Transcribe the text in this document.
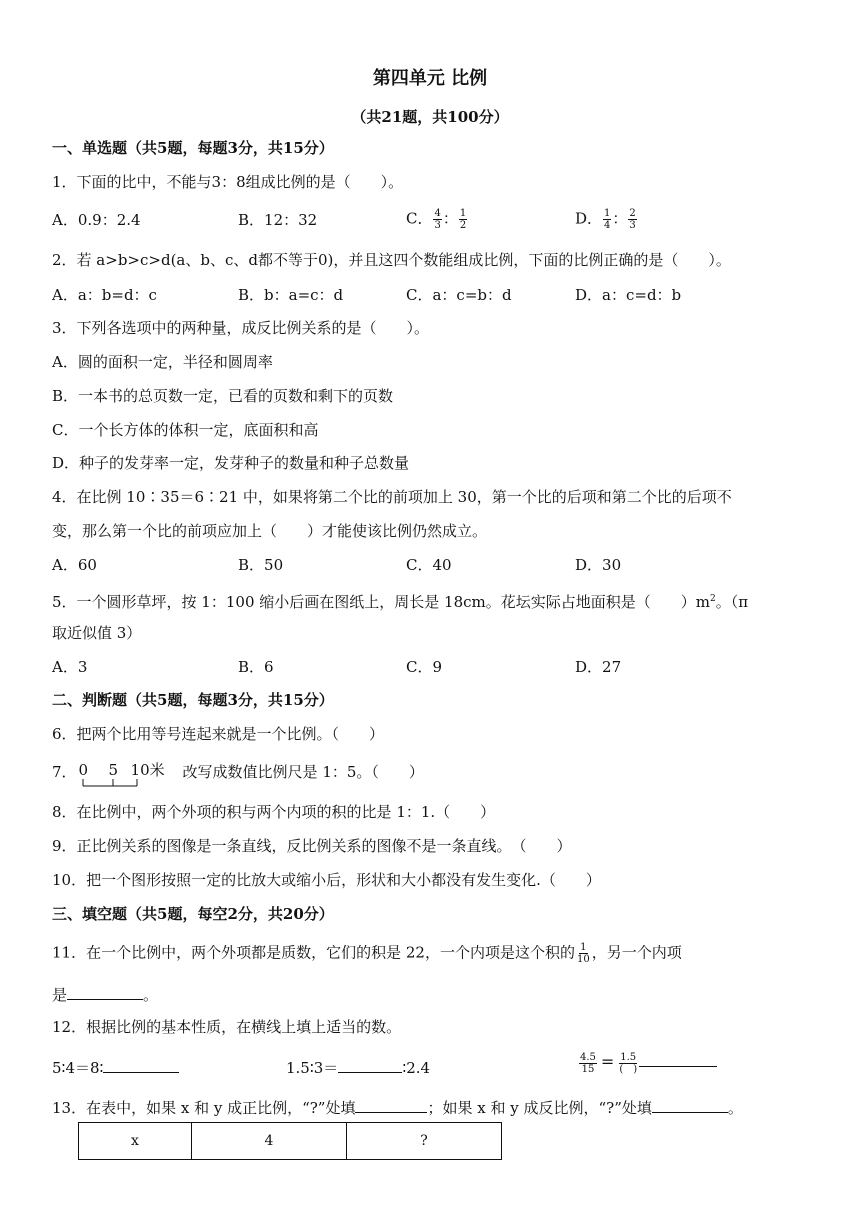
第四单元 比例
（共21题，共100分）
一、单选题（共5题，每题3分，共15分）
1．下面的比中，不能与3：8组成比例的是（　　）。
A．0.9：2.4	B．12：32	C． $\frac{4}{3}$ ： $\frac{1}{2}$	D． $\frac{1}{4}$ ： $\frac{2}{3}$
2．若 a>b>c>d(a、b、c、d都不等于0)，并且这四个数能组成比例，下面的比例正确的是（　　）。
A．a：b=d：c	B．b：a=c：d	C．a：c=b：d	D．a：c=d：b
3．下列各选项中的两种量，成反比例关系的是（　　）。
A．圆的面积一定，半径和圆周率
B．一本书的总页数一定，已看的页数和剩下的页数
C．一个长方体的体积一定，底面积和高
D．种子的发芽率一定，发芽种子的数量和种子总数量
4．在比例 10∶35＝6∶21 中，如果将第二个比的前项加上 30，第一个比的后项和第二个比的后项不
变，那么第一个比的前项应加上（　　）才能使该比例仍然成立。
A．60	B．50	C．40	D．30
5．一个圆形草坪，按 1：100 缩小后画在图纸上，周长是 18cm。花坛实际占地面积是（　　）$m^2$。（π
取近似值 3）
A．3	B．6	C．9	D．27
二、判断题（共5题，每题3分，共15分）
6．把两个比用等号连起来就是一个比例。（　　）
7． 0 5 10米 改写成数值比例尺是 1：5。（　　）
8．在比例中，两个外项的积与两个内项的积的比是 1：1.（　　）
9．正比例关系的图像是一条直线，反比例关系的图像不是一条直线。　（　　）
10．把一个图形按照一定的比放大或缩小后，形状和大小都没有发生变化.（　　）
三、填空题（共5题，每空2分，共20分）
11．在一个比例中，两个外项都是质数，它们的积是 22，一个内项是这个积的 $\frac{1}{10}$ ，另一个内项
是	。
12．根据比例的基本性质，在横线上填上适当的数。
5∶4＝8∶	1.5∶3＝	∶2.4	$\frac{4.5}{15} = \frac{1.5}{( )}$
13．在表中，如果 x 和 y 成正比例，“?”处填	；如果 x 和 y 成反比例，“?”处填	。
x	4	?
